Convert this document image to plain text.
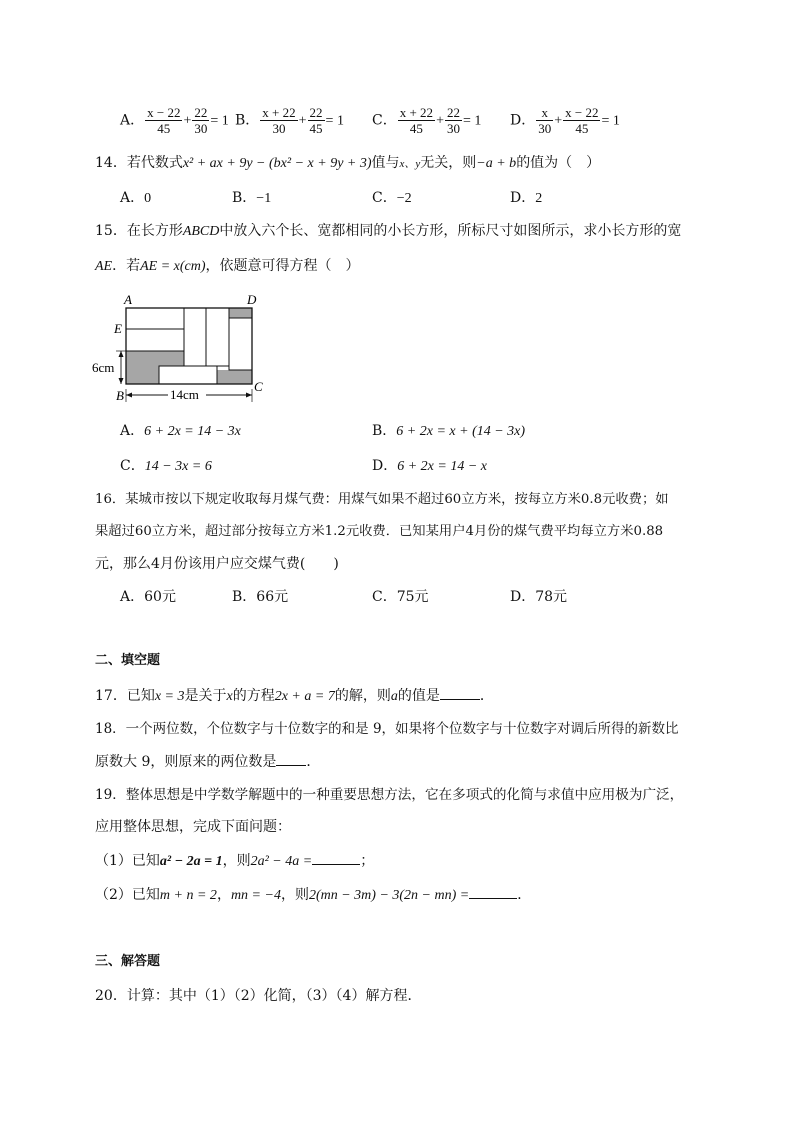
A． $\frac{x - 22}{45} + \frac{22}{30} = 1$ B． $\frac{x + 22}{30} + \frac{22}{45} = 1$ C． $\frac{x + 22}{45} + \frac{22}{30} = 1$ D． $\frac{x}{30} + \frac{x - 22}{45} = 1$
14．若代数式x² + ax + 9y − (bx² − x + 9y + 3)值与x、y无关，则−a + b的值为（　）
A．0	B．−1	C．−2	D．2
15．在长方形ABCD中放入六个长、宽都相同的小长方形，所标尺寸如图所示，求小长方形的宽
AE．若AE = x(cm)，依题意可得方程（　）
A	D
E
B
C
6cm
14cm
A．6 + 2x = 14 − 3x	B．6 + 2x = x + (14 − 3x)
C．14 − 3x = 6	D．6 + 2x = 14 − x
16．某城市按以下规定收取每月煤气费：用煤气如果不超过60立方米，按每立方米0.8元收费；如
果超过60立方米，超过部分按每立方米1.2元收费．已知某用户4月份的煤气费平均每立方米0.88
元，那么4月份该用户应交煤气费(　　)
A．60元	B．66元	C．75元	D．78元
二、填空题
17．已知x = 3是关于x的方程2x + a = 7的解，则a的值是	．
18．一个两位数，个位数字与十位数字的和是 9，如果将个位数字与十位数字对调后所得的新数比
原数大 9，则原来的两位数是 ．
19．整体思想是中学数学解题中的一种重要思想方法，它在多项式的化简与求值中应用极为广泛，
应用整体思想，完成下面问题：
（1）已知a² − 2a = 1，则2a² − 4a =	；
（2）已知m + n = 2，mn = −4，则2(mn − 3m) − 3(2n − mn) =	．
三、解答题
20．计算：其中（1）（2）化简，（3）（4）解方程．
